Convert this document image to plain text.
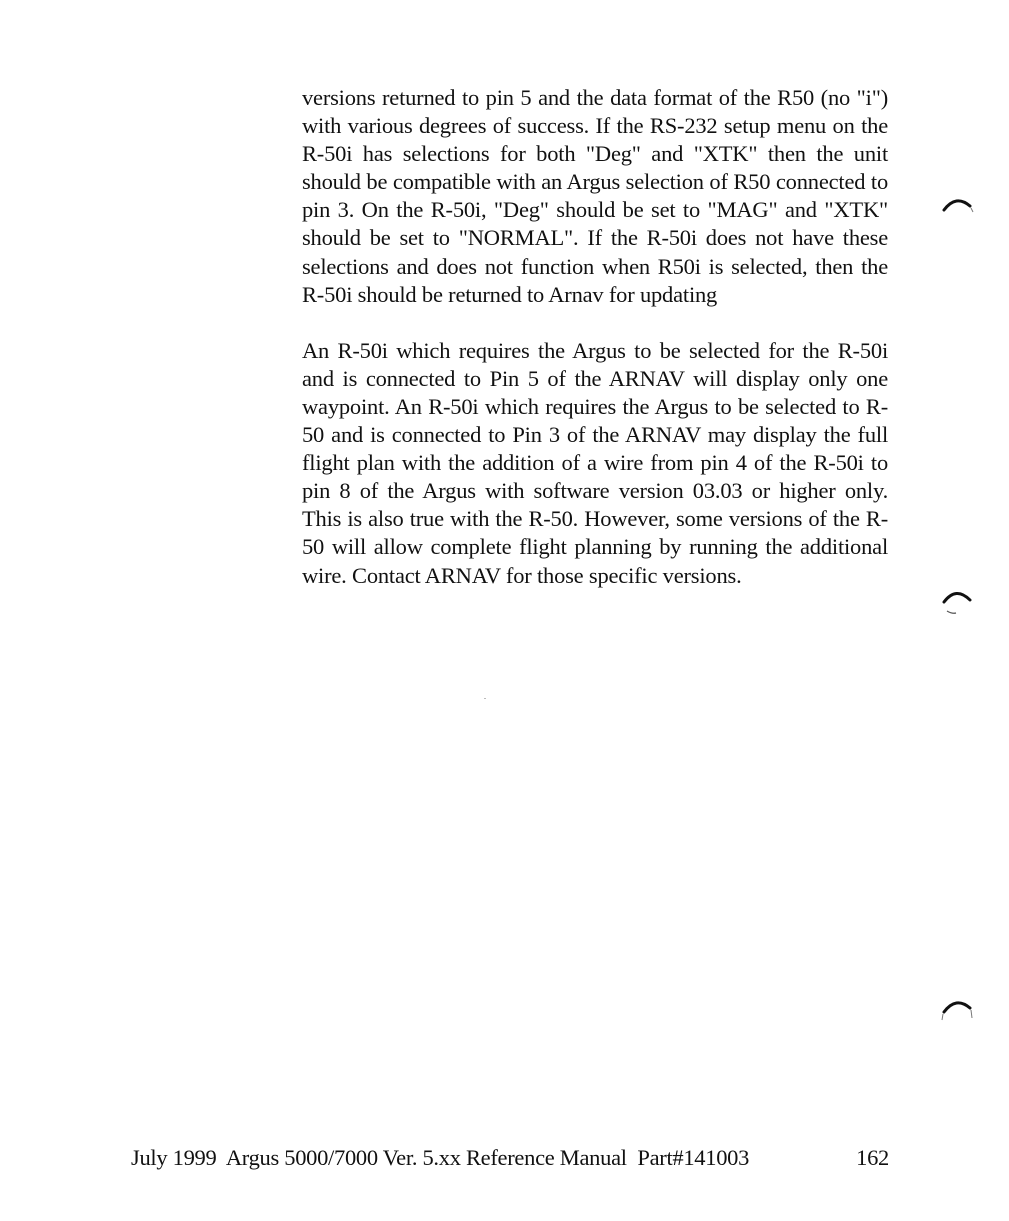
versions returned to pin 5 and the data format of the R50 (no "i") with various degrees of success. If the RS-232 setup menu on the R-50i has selections for both "Deg" and "XTK" then the unit should be compatible with an Argus selection of R50 connected to pin 3. On the R-50i, "Deg" should be set to "MAG" and "XTK" should be set to "NORMAL". If the R-50i does not have these selections and does not function when R50i is selected, then the R-50i should be returned to Arnav for updating

An R-50i which requires the Argus to be selected for the R-50i and is connected to Pin 5 of the ARNAV will display only one waypoint. An R-50i which requires the Argus to be selected to R-50 and is connected to Pin 3 of the ARNAV may display the full flight plan with the addition of a wire from pin 4 of the R-50i to pin 8 of the Argus with software version 03.03 or higher only. This is also true with the R-50. However, some versions of the R-50 will allow complete flight planning by running the additional wire. Contact ARNAV for those specific versions.

July 1999  Argus 5000/7000 Ver. 5.xx Reference Manual  Part#141003	162
